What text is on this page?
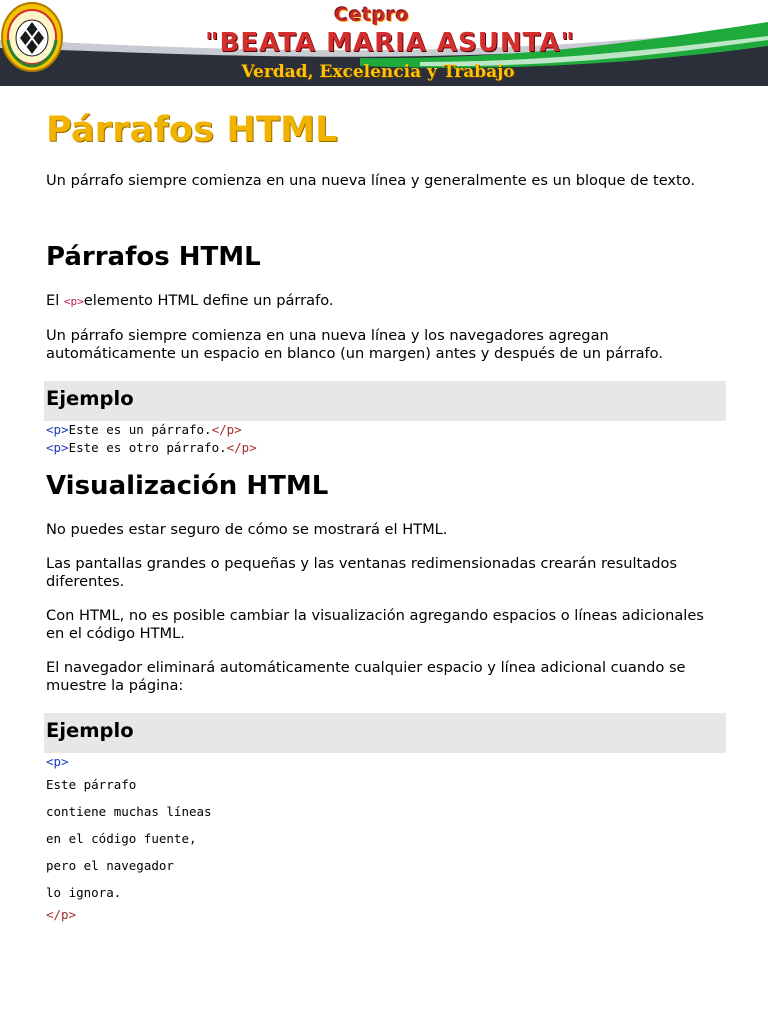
Cetpro
"BEATA MARIA ASUNTA"
Verdad, Excelencia y Trabajo
Párrafos HTML

Un párrafo siempre comienza en una nueva línea y generalmente es un bloque de texto.

Párrafos HTML

El <p>elemento HTML define un párrafo.

Un párrafo siempre comienza en una nueva línea y los navegadores agregan automáticamente un espacio en blanco (un margen) antes y después de un párrafo.

Ejemplo
<p>Este es un párrafo.</p>
<p>Este es otro párrafo.</p>
Visualización HTML

No puedes estar seguro de cómo se mostrará el HTML.

Las pantallas grandes o pequeñas y las ventanas redimensionadas crearán resultados diferentes.

Con HTML, no es posible cambiar la visualización agregando espacios o líneas adicionales en el código HTML.

El navegador eliminará automáticamente cualquier espacio y línea adicional cuando se muestre la página:

Ejemplo
<p>
Este párrafo
contiene muchas líneas
en el código fuente,
pero el navegador
lo ignora.
</p>
